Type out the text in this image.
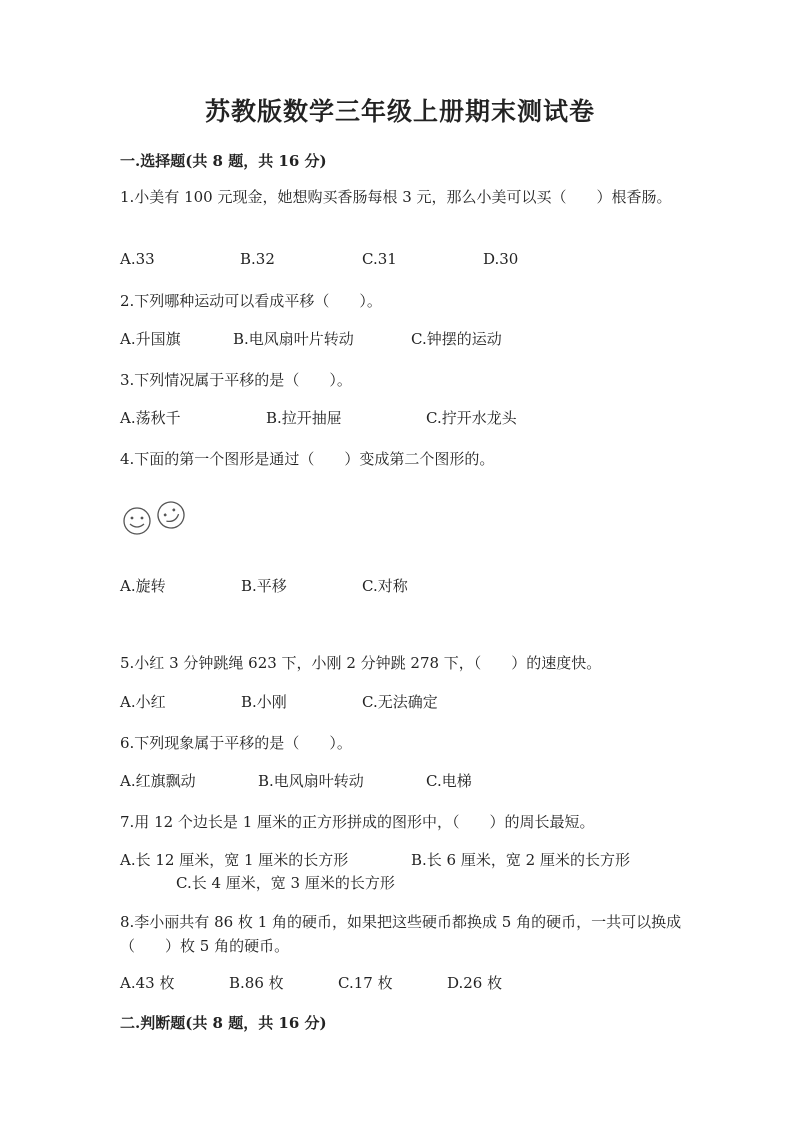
苏教版数学三年级上册期末测试卷
一.选择题(共 8 题，共 16 分)
1.小美有 100 元现金，她想购买香肠每根 3 元，那么小美可以买（　　）根香肠。
A.33	B.32	C.31	D.30
2.下列哪种运动可以看成平移（　　）。
A.升国旗	B.电风扇叶片转动	C.钟摆的运动
3.下列情况属于平移的是（　　）。
A.荡秋千	B.拉开抽屉	C.拧开水龙头
4.下面的第一个图形是通过（　　）变成第二个图形的。
A.旋转	B.平移	C.对称
5.小红 3 分钟跳绳 623 下，小刚 2 分钟跳 278 下，（　　）的速度快。
A.小红	B.小刚	C.无法确定
6.下列现象属于平移的是（　　）。
A.红旗飘动	B.电风扇叶转动	C.电梯
7.用 12 个边长是 1 厘米的正方形拼成的图形中，（　　）的周长最短。
A.长 12 厘米，宽 1 厘米的长方形	B.长 6 厘米，宽 2 厘米的长方形
C.长 4 厘米，宽 3 厘米的长方形
8.李小丽共有 86 枚 1 角的硬币，如果把这些硬币都换成 5 角的硬币，一共可以换成（　　）枚 5 角的硬币。
A.43 枚	B.86 枚	C.17 枚	D.26 枚
二.判断题(共 8 题，共 16 分)
